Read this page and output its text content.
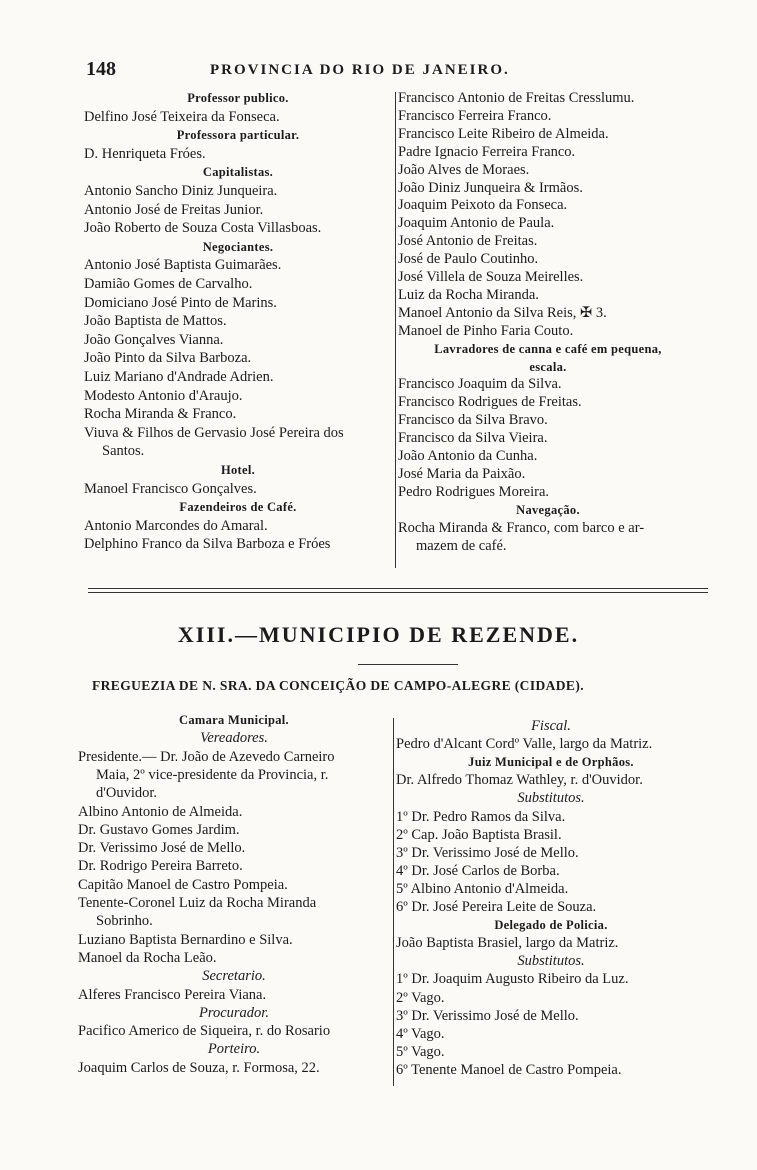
148	PROVINCIA DO RIO DE JANEIRO.
Professor publico.
Delfino José Teixeira da Fonseca.
Professora particular.
D. Henriqueta Fróes.
Capitalistas.
Antonio Sancho Diniz Junqueira.
Antonio José de Freitas Junior.
João Roberto de Souza Costa Villasboas.
Negociantes.
Antonio José Baptista Guimarães.
Damião Gomes de Carvalho.
Domiciano José Pinto de Marins.
João Baptista de Mattos.
João Gonçalves Vianna.
João Pinto da Silva Barboza.
Luiz Mariano d'Andrade Adrien.
Modesto Antonio d'Araujo.
Rocha Miranda & Franco.
Viuva & Filhos de Gervasio José Pereira dos
Santos.
Hotel.
Manoel Francisco Gonçalves.
Fazendeiros de Café.
Antonio Marcondes do Amaral.
Delphino Franco da Silva Barboza e Fróes
Francisco Antonio de Freitas Cresslumu.
Francisco Ferreira Franco.
Francisco Leite Ribeiro de Almeida.
Padre Ignacio Ferreira Franco.
João Alves de Moraes.
João Diniz Junqueira & Irmãos.
Joaquim Peixoto da Fonseca.
Joaquim Antonio de Paula.
José Antonio de Freitas.
José de Paulo Coutinho.
José Villela de Souza Meirelles.
Luiz da Rocha Miranda.
Manoel Antonio da Silva Reis, ✠ 3.
Manoel de Pinho Faria Couto.
Lavradores de canna e café em pequena,
escala.
Francisco Joaquim da Silva.
Francisco Rodrigues de Freitas.
Francisco da Silva Bravo.
Francisco da Silva Vieira.
João Antonio da Cunha.
José Maria da Paixão.
Pedro Rodrigues Moreira.
Navegação.
Rocha Miranda & Franco, com barco e ar-
mazem de café.
XIII.—MUNICIPIO DE REZENDE.
FREGUEZIA DE N. SRA. DA CONCEIÇÃO DE CAMPO-ALEGRE (CIDADE).
Camara Municipal.
Vereadores.
Presidente.— Dr. João de Azevedo Carneiro
Maia, 2º vice-presidente da Provincia, r.
d'Ouvidor.
Albino Antonio de Almeida.
Dr. Gustavo Gomes Jardim.
Dr. Verissimo José de Mello.
Dr. Rodrigo Pereira Barreto.
Capitão Manoel de Castro Pompeia.
Tenente-Coronel Luiz da Rocha Miranda
Sobrinho.
Luziano Baptista Bernardino e Silva.
Manoel da Rocha Leão.
Secretario.
Alferes Francisco Pereira Viana.
Procurador.
Pacifico Americo de Siqueira, r. do Rosario
Porteiro.
Joaquim Carlos de Souza, r. Formosa, 22.
Fiscal.
Pedro d'Alcant Cordº Valle, largo da Matriz.
Juiz Municipal e de Orphãos.
Dr. Alfredo Thomaz Wathley, r. d'Ouvidor.
Substitutos.
1º Dr. Pedro Ramos da Silva.
2º Cap. João Baptista Brasil.
3º Dr. Verissimo José de Mello.
4º Dr. José Carlos de Borba.
5º Albino Antonio d'Almeida.
6º Dr. José Pereira Leite de Souza.
Delegado de Policia.
João Baptista Brasiel, largo da Matriz.
Substitutos.
1º Dr. Joaquim Augusto Ribeiro da Luz.
2º Vago.
3º Dr. Verissimo José de Mello.
4º Vago.
5º Vago.
6º Tenente Manoel de Castro Pompeia.
